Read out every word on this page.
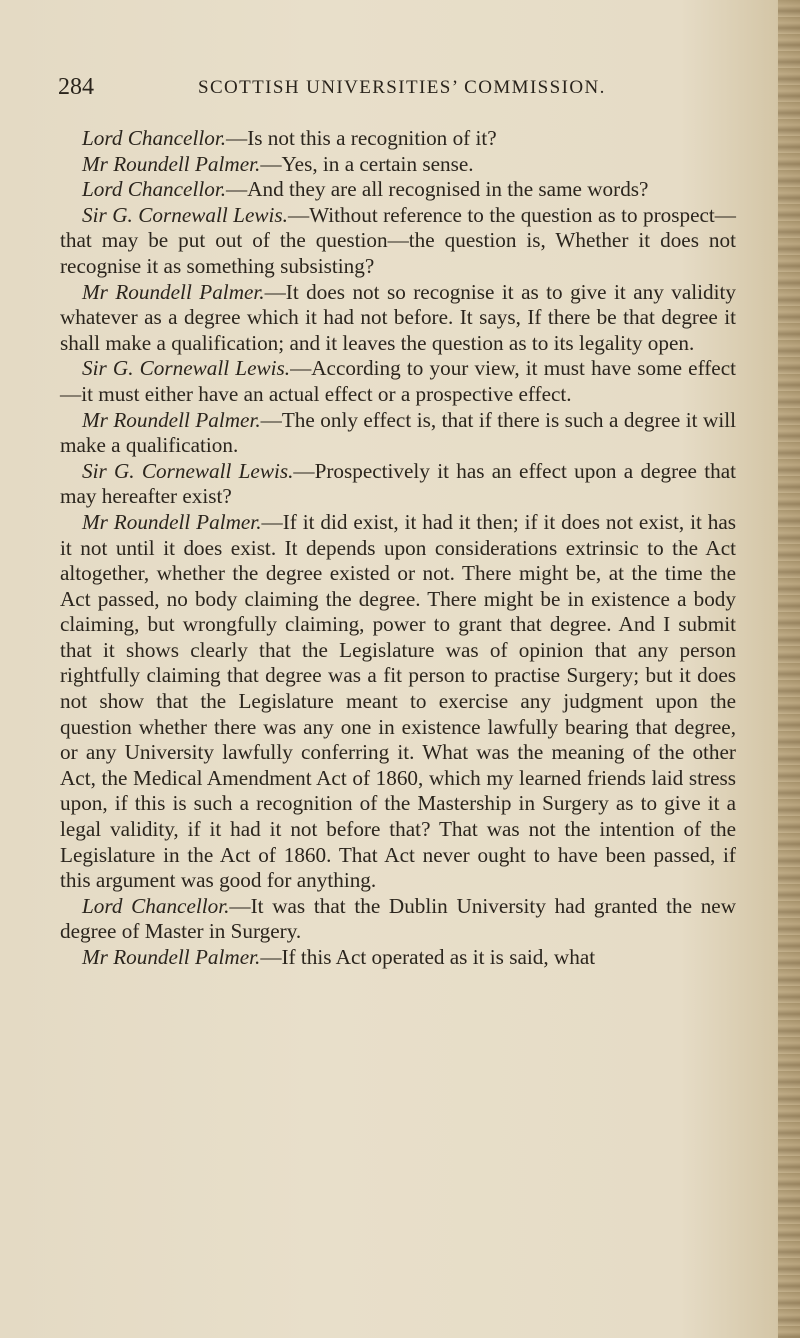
284	SCOTTISH UNIVERSITIES’ COMMISSION.

Lord Chancellor.—Is not this a recognition of it?

Mr Roundell Palmer.—Yes, in a certain sense.

Lord Chancellor.—And they are all recognised in the same words?

Sir G. Cornewall Lewis.—Without reference to the question as to prospect—that may be put out of the question—the question is, Whether it does not recognise it as something subsisting?

Mr Roundell Palmer.—It does not so recognise it as to give it any validity whatever as a degree which it had not before. It says, If there be that degree it shall make a qualification; and it leaves the question as to its legality open.

Sir G. Cornewall Lewis.—According to your view, it must have some effect—it must either have an actual effect or a prospective effect.

Mr Roundell Palmer.—The only effect is, that if there is such a degree it will make a qualification.

Sir G. Cornewall Lewis.—Prospectively it has an effect upon a degree that may hereafter exist?

Mr Roundell Palmer.—If it did exist, it had it then; if it does not exist, it has it not until it does exist. It depends upon considerations extrinsic to the Act altogether, whether the degree existed or not. There might be, at the time the Act passed, no body claiming the degree. There might be in existence a body claiming, but wrongfully claiming, power to grant that degree. And I submit that it shows clearly that the Legislature was of opinion that any person rightfully claiming that degree was a fit person to practise Surgery; but it does not show that the Legislature meant to exercise any judgment upon the question whether there was any one in existence lawfully bearing that degree, or any University lawfully conferring it. What was the meaning of the other Act, the Medical Amendment Act of 1860, which my learned friends laid stress upon, if this is such a recognition of the Mastership in Surgery as to give it a legal validity, if it had it not before that? That was not the intention of the Legislature in the Act of 1860. That Act never ought to have been passed, if this argument was good for anything.

Lord Chancellor.—It was that the Dublin University had granted the new degree of Master in Surgery.

Mr Roundell Palmer.—If this Act operated as it is said, what
